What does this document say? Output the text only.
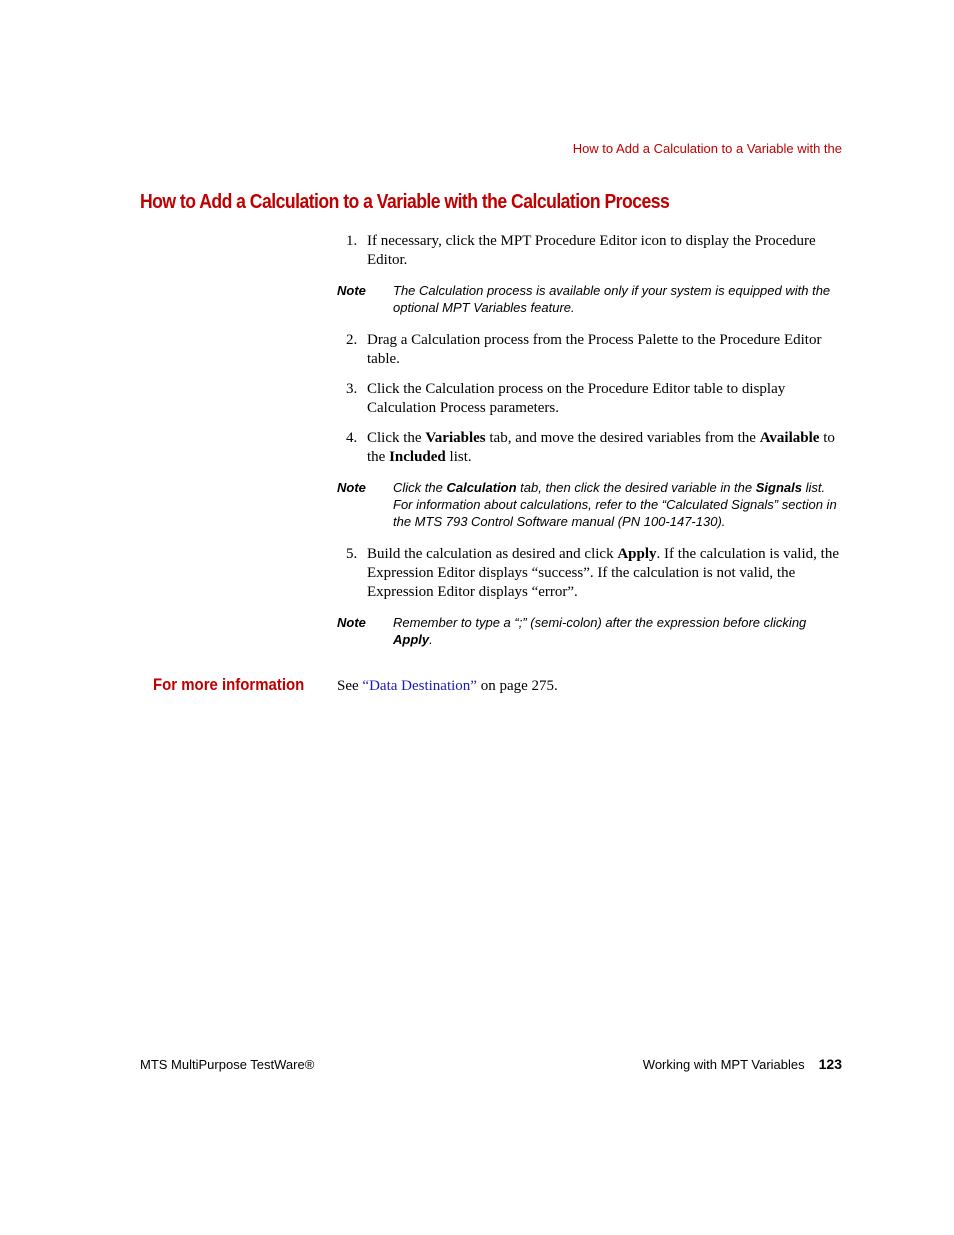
How to Add a Calculation to a Variable with the
How to Add a Calculation to a Variable with the Calculation Process
1. If necessary, click the MPT Procedure Editor icon to display the Procedure Editor.
Note The Calculation process is available only if your system is equipped with the optional MPT Variables feature.
2. Drag a Calculation process from the Process Palette to the Procedure Editor table.
3. Click the Calculation process on the Procedure Editor table to display Calculation Process parameters.
4. Click the Variables tab, and move the desired variables from the Available to the Included list.
Note Click the Calculation tab, then click the desired variable in the Signals list. For information about calculations, refer to the “Calculated Signals” section in the MTS 793 Control Software manual (PN 100-147-130).
5. Build the calculation as desired and click Apply. If the calculation is valid, the Expression Editor displays “success”. If the calculation is not valid, the Expression Editor displays “error”.
Note Remember to type a “;” (semi-colon) after the expression before clicking Apply.
For more information See “Data Destination” on page 275.
MTS MultiPurpose TestWare®	Working with MPT Variables 123
